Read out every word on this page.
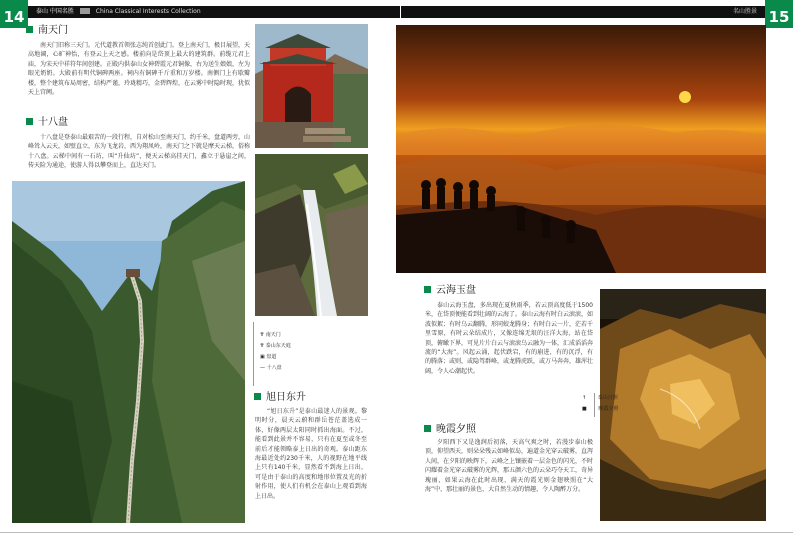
14	泰山 中国名胜	China Classical Interests Collection	名山胜景 15
南天门
南天门旧称三天门。元代道教首领张志纯首创此门。登上南天门，极目展望，天高地阔，心旷神怡，有登云上天之感。楼前向是岱顶上最大的建筑群。前缆元君上庙，为宋天中祥符年间创建。正殿内供泰山女神碧霞元君铜像，右为送生娘娘，左为眼光奶奶。大殿前有明代铜碑两座。祠内有铜碑千斤重和万岁楼。南侧门上有歇瓣楼，整个建筑布局周密，结构严谨，玲珑精巧，金碧辉煌，在云雾中时隐时现，犹似天上宫阙。
十八盘
十八盘是登泰山最艰苦的一段行程，自对松山至南天门，约千米，盘道两旁，山峰耸入云天，如壁直立，东为飞龙岩，西为翔凤岭，南天门之下就是摩天云梯，俗称十八盘。云梯中间有一石坊，叫“升仙坊”，便天云梯高挂天门，鑫立于悬崖之间，传天险为通途，使游人得以攀登而上，直达天门。
⇈ 南天门
⇈ 泰山东天庭
▣ 盘道
— 十八盘
旭日东升
“旭日东升”是泰山最迷人的景观。黎明时分，晨天云蔚和群岳苍茫盖选成一体，好像两层太阳同时抓出海面。不过，能看到此景并不容易，只有在夏至或冬至前后才能领略泰上日出的奇观。泰山距东海最近处约230千米，人的视野在地平线上只有140千米，显然看不到海上日出，可是由于泰山的高度和地形位置及光的折射作用，使人们有机会在泰山上观看到海上日出。
云海玉盘
泰山云海玉盘，多出现在夏秋雨季，若云顶高度低于1500米，在岱顶便能看到壮阔的云海了。泰山云海有时白云滚滚，如波似絮；有时乌云翻腾，形同蛟龙腾身；有时白云一片，茫若千里雪原，有时云朵结成片，又像连绵无垠的汪洋大海，站在岱顶，俯瞰下界，可见片片白云与滚滚乌云融为一体，汇成滔滔奔流的“大海”。风起云涌，起伏跌宕，有的崩进，有的沉浮，有的腾落；或则，或隐驾群峰，或龙腾虎跃，或万马奔奔，雄浑壮阔，令人心潮起伏。
↑ 泰山日照
■ 晚霞夕照
晚霞夕照
夕阳西下又是逸润后初落，天高气爽之时，若漫步泰山极顶，仰望西天，则朵朵残云如峰似岛，遍道金光穿云破雾，直泻人间，在夕阳的映辉下，云峰之上镶嵌着一层金色的闪光，不时闪耀着金光穿云破雾的光辉，那五颜六色的云朵巧夺天工，奇异瑰丽，如果云海在此时出现，满天的霞光则金翅映照在“大海”中，那壮丽的景色，大自然生动的情趣，令人陶醉万分。
